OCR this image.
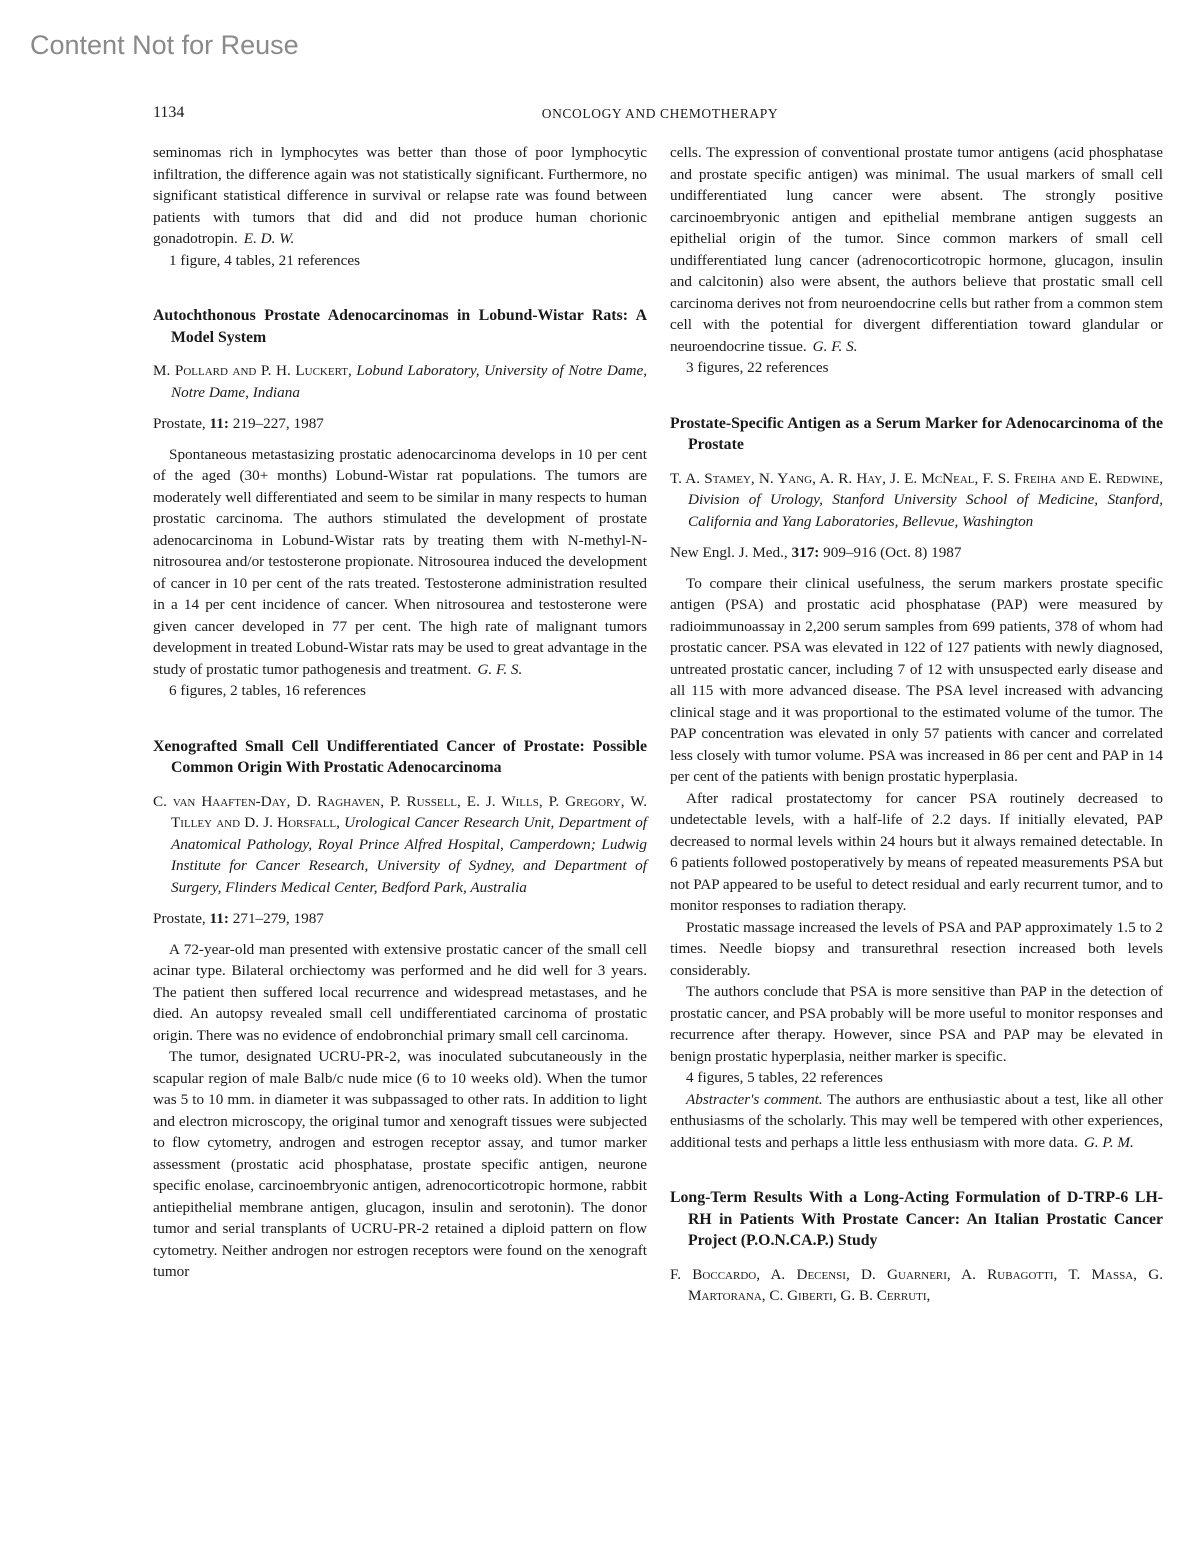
Content Not for Reuse
1134	ONCOLOGY AND CHEMOTHERAPY

seminomas rich in lymphocytes was better than those of poor lymphocytic infiltration, the difference again was not statistically significant. Furthermore, no significant statistical difference in survival or relapse rate was found between patients with tumors that did and did not produce human chorionic gonadotropin. E. D. W.

1 figure, 4 tables, 21 references
Autochthonous Prostate Adenocarcinomas in Lobund-Wistar Rats: A Model System
M. Pollard and P. H. Luckert, Lobund Laboratory, University of Notre Dame, Notre Dame, Indiana
Prostate, 11: 219–227, 1987

Spontaneous metastasizing prostatic adenocarcinoma develops in 10 per cent of the aged (30+ months) Lobund-Wistar rat populations. The tumors are moderately well differentiated and seem to be similar in many respects to human prostatic carcinoma. The authors stimulated the development of prostate adenocarcinoma in Lobund-Wistar rats by treating them with N-methyl-N-nitrosourea and/or testosterone propionate. Nitrosourea induced the development of cancer in 10 per cent of the rats treated. Testosterone administration resulted in a 14 per cent incidence of cancer. When nitrosourea and testosterone were given cancer developed in 77 per cent. The high rate of malignant tumors development in treated Lobund-Wistar rats may be used to great advantage in the study of prostatic tumor pathogenesis and treatment. G. F. S.

6 figures, 2 tables, 16 references
Xenografted Small Cell Undifferentiated Cancer of Prostate: Possible Common Origin With Prostatic Adenocarcinoma
C. van Haaften-Day, D. Raghaven, P. Russell, E. J. Wills, P. Gregory, W. Tilley and D. J. Horsfall, Urological Cancer Research Unit, Department of Anatomical Pathology, Royal Prince Alfred Hospital, Camperdown; Ludwig Institute for Cancer Research, University of Sydney, and Department of Surgery, Flinders Medical Center, Bedford Park, Australia
Prostate, 11: 271–279, 1987

A 72-year-old man presented with extensive prostatic cancer of the small cell acinar type. Bilateral orchiectomy was performed and he did well for 3 years. The patient then suffered local recurrence and widespread metastases, and he died. An autopsy revealed small cell undifferentiated carcinoma of prostatic origin. There was no evidence of endobronchial primary small cell carcinoma.

The tumor, designated UCRU-PR-2, was inoculated subcutaneously in the scapular region of male Balb/c nude mice (6 to 10 weeks old). When the tumor was 5 to 10 mm. in diameter it was subpassaged to other rats. In addition to light and electron microscopy, the original tumor and xenograft tissues were subjected to flow cytometry, androgen and estrogen receptor assay, and tumor marker assessment (prostatic acid phosphatase, prostate specific antigen, neurone specific enolase, carcinoembryonic antigen, adrenocorticotropic hormone, rabbit antiepithelial membrane antigen, glucagon, insulin and serotonin). The donor tumor and serial transplants of UCRU-PR-2 retained a diploid pattern on flow cytometry. Neither androgen nor estrogen receptors were found on the xenograft tumor

cells. The expression of conventional prostate tumor antigens (acid phosphatase and prostate specific antigen) was minimal. The usual markers of small cell undifferentiated lung cancer were absent. The strongly positive carcinoembryonic antigen and epithelial membrane antigen suggests an epithelial origin of the tumor. Since common markers of small cell undifferentiated lung cancer (adrenocorticotropic hormone, glucagon, insulin and calcitonin) also were absent, the authors believe that prostatic small cell carcinoma derives not from neuroendocrine cells but rather from a common stem cell with the potential for divergent differentiation toward glandular or neuroendocrine tissue. G. F. S.

3 figures, 22 references
Prostate-Specific Antigen as a Serum Marker for Adenocarcinoma of the Prostate
T. A. Stamey, N. Yang, A. R. Hay, J. E. McNeal, F. S. Freiha and E. Redwine, Division of Urology, Stanford University School of Medicine, Stanford, California and Yang Laboratories, Bellevue, Washington
New Engl. J. Med., 317: 909–916 (Oct. 8) 1987

To compare their clinical usefulness, the serum markers prostate specific antigen (PSA) and prostatic acid phosphatase (PAP) were measured by radioimmunoassay in 2,200 serum samples from 699 patients, 378 of whom had prostatic cancer. PSA was elevated in 122 of 127 patients with newly diagnosed, untreated prostatic cancer, including 7 of 12 with unsuspected early disease and all 115 with more advanced disease. The PSA level increased with advancing clinical stage and it was proportional to the estimated volume of the tumor. The PAP concentration was elevated in only 57 patients with cancer and correlated less closely with tumor volume. PSA was increased in 86 per cent and PAP in 14 per cent of the patients with benign prostatic hyperplasia.

After radical prostatectomy for cancer PSA routinely decreased to undetectable levels, with a half-life of 2.2 days. If initially elevated, PAP decreased to normal levels within 24 hours but it always remained detectable. In 6 patients followed postoperatively by means of repeated measurements PSA but not PAP appeared to be useful to detect residual and early recurrent tumor, and to monitor responses to radiation therapy.

Prostatic massage increased the levels of PSA and PAP approximately 1.5 to 2 times. Needle biopsy and transurethral resection increased both levels considerably.

The authors conclude that PSA is more sensitive than PAP in the detection of prostatic cancer, and PSA probably will be more useful to monitor responses and recurrence after therapy. However, since PSA and PAP may be elevated in benign prostatic hyperplasia, neither marker is specific.

4 figures, 5 tables, 22 references

Abstracter's comment. The authors are enthusiastic about a test, like all other enthusiasms of the scholarly. This may well be tempered with other experiences, additional tests and perhaps a little less enthusiasm with more data. G. P. M.

Long-Term Results With a Long-Acting Formulation of D-TRP-6 LH-RH in Patients With Prostate Cancer: An Italian Prostatic Cancer Project (P.O.N.CA.P.) Study
F. Boccardo, A. Decensi, D. Guarneri, A. Rubagotti, T. Massa, G. Martorana, C. Giberti, G. B. Cerruti,
